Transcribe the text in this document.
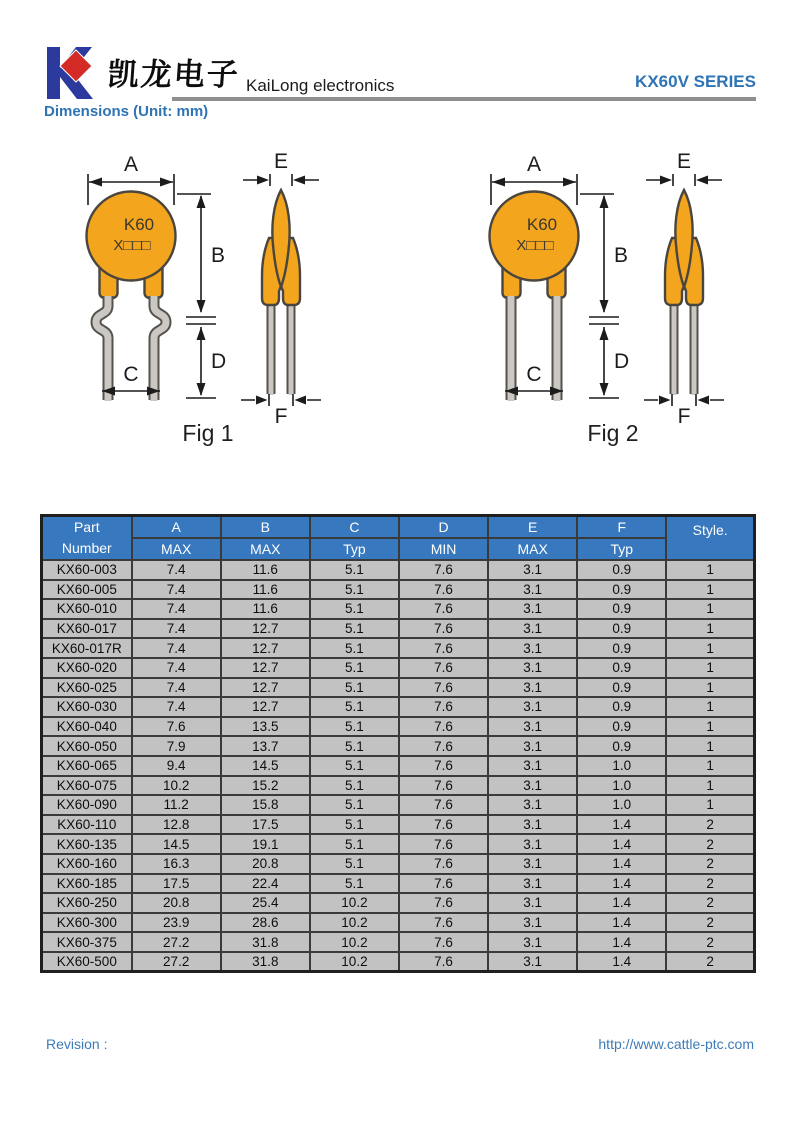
凯龙电子 KaiLong electronics	KX60V SERIES
Dimensions (Unit: mm)
K60
X□□□
A
B
D
C
E
F
Fig 1
K60
X□□□
A
B
D
C
E
F
Fig 2
Part
Number	A	B	C	D	E	F	Style.
	MAX	MAX	Typ	MIN	MAX	Typ	
KX60-003	7.4	11.6	5.1	7.6	3.1	0.9	1
KX60-005	7.4	11.6	5.1	7.6	3.1	0.9	1
KX60-010	7.4	11.6	5.1	7.6	3.1	0.9	1
KX60-017	7.4	12.7	5.1	7.6	3.1	0.9	1
KX60-017R	7.4	12.7	5.1	7.6	3.1	0.9	1
KX60-020	7.4	12.7	5.1	7.6	3.1	0.9	1
KX60-025	7.4	12.7	5.1	7.6	3.1	0.9	1
KX60-030	7.4	12.7	5.1	7.6	3.1	0.9	1
KX60-040	7.6	13.5	5.1	7.6	3.1	0.9	1
KX60-050	7.9	13.7	5.1	7.6	3.1	0.9	1
KX60-065	9.4	14.5	5.1	7.6	3.1	1.0	1
KX60-075	10.2	15.2	5.1	7.6	3.1	1.0	1
KX60-090	11.2	15.8	5.1	7.6	3.1	1.0	1
KX60-110	12.8	17.5	5.1	7.6	3.1	1.4	2
KX60-135	14.5	19.1	5.1	7.6	3.1	1.4	2
KX60-160	16.3	20.8	5.1	7.6	3.1	1.4	2
KX60-185	17.5	22.4	5.1	7.6	3.1	1.4	2
KX60-250	20.8	25.4	10.2	7.6	3.1	1.4	2
KX60-300	23.9	28.6	10.2	7.6	3.1	1.4	2
KX60-375	27.2	31.8	10.2	7.6	3.1	1.4	2
KX60-500	27.2	31.8	10.2	7.6	3.1	1.4	2
Revision :	http://www.cattle-ptc.com
